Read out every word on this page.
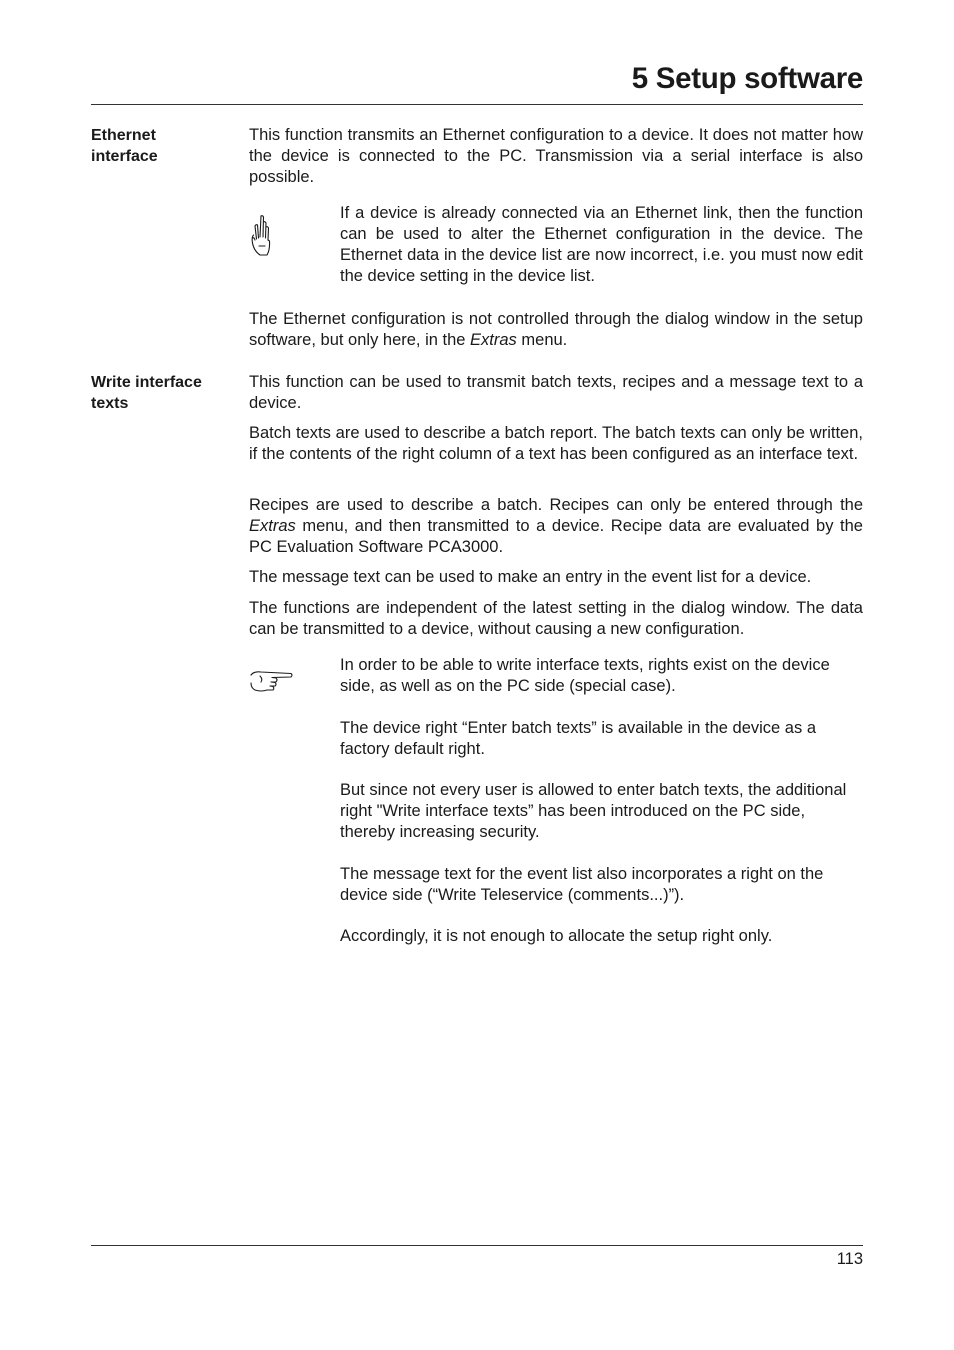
5 Setup software
Ethernet interface
This function transmits an Ethernet configuration to a device. It does not matter how the device is connected to the PC. Transmission via a serial interface is also possible.
If a device is already connected via an Ethernet link, then the function can be used to alter the Ethernet configuration in the device. The Ethernet data in the device list are now incorrect, i.e. you must now edit the device setting in the device list.
The Ethernet configuration is not controlled through the dialog window in the setup software, but only here, in the Extras menu.
Write interface texts
This function can be used to transmit batch texts, recipes and a message text to a device.
Batch texts are used to describe a batch report. The batch texts can only be written, if the contents of the right column of a text has been configured as an interface text.
Recipes are used to describe a batch. Recipes can only be entered through the Extras menu, and then transmitted to a device. Recipe data are evaluated by the PC Evaluation Software PCA3000.
The message text can be used to make an entry in the event list for a device.
The functions are independent of the latest setting in the dialog window. The data can be transmitted to a device, without causing a new configuration.
In order to be able to write interface texts, rights exist on the device side, as well as on the PC side (special case).
The device right “Enter batch texts” is available in the device as a factory default right.
But since not every user is allowed to enter batch texts, the additional right "Write interface texts” has been introduced on the PC side, thereby increasing security.
The message text for the event list also incorporates a right on the device side (“Write Teleservice (comments...)”).
Accordingly, it is not enough to allocate the setup right only.
113
